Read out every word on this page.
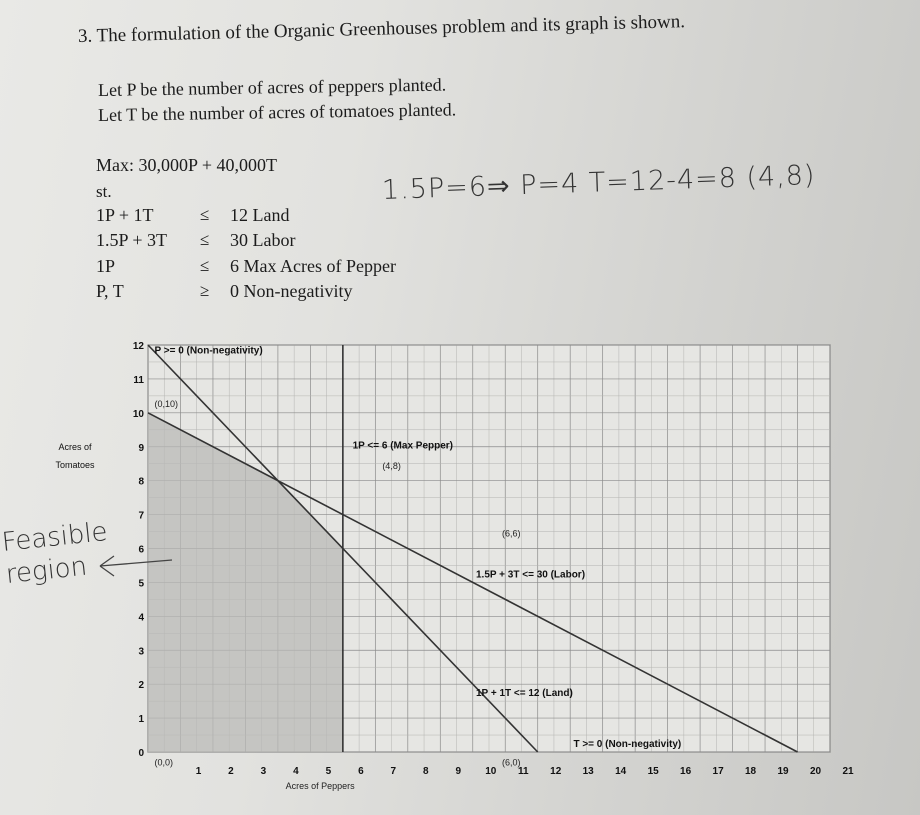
3. The formulation of the Organic Greenhouses problem and its graph is shown.
Let P be the number of acres of peppers planted.
Let T be the number of acres of tomatoes planted.
Max: 30,000P + 40,000T
st.
1P + 1T	≤ 12 Land
1.5P + 3T ≤ 30 Labor
1P	≤ 6 Max Acres of Pepper
P, T	≥ 0 Non-negativity
1.5P=6⇒ P=4 T=12-4=8 (4,8)
Feasible
region
1	2	3	4	5	6	7	8	9 10 11 12 13 14 15 16 17 18 19 20 21
0
1
2
3
4
5
6
7
8
9
10
11
12
Acres of Peppers
Acres of
Tomatoes
(0,10)
(4,8)
(6,6)
(0,0)	(6,0)
P >= 0 (Non-negativity)
1P <= 6 (Max Pepper)
1.5P + 3T <= 30 (Labor)
1P + 1T <= 12 (Land)
T >= 0 (Non-negativity)
